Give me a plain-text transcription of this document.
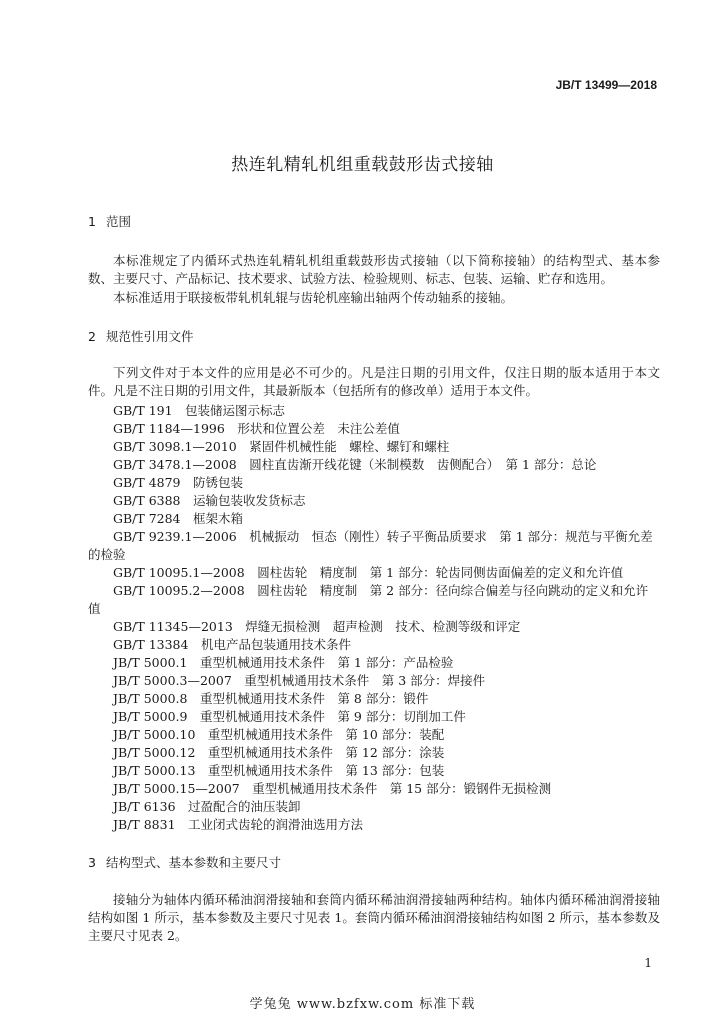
JB/T 13499—2018
热连轧精轧机组重载鼓形齿式接轴
1 范围
本标准规定了内循环式热连轧精轧机组重载鼓形齿式接轴（以下简称接轴）的结构型式、基本参数、主要尺寸、产品标记、技术要求、试验方法、检验规则、标志、包装、运输、贮存和选用。
本标准适用于联接板带轧机轧辊与齿轮机座输出轴两个传动轴系的接轴。
2 规范性引用文件
下列文件对于本文件的应用是必不可少的。凡是注日期的引用文件，仅注日期的版本适用于本文件。凡是不注日期的引用文件，其最新版本（包括所有的修改单）适用于本文件。
GB/T 191　包装储运图示标志
GB/T 1184—1996　形状和位置公差　未注公差值
GB/T 3098.1—2010　紧固件机械性能　螺栓、螺钉和螺柱
GB/T 3478.1—2008　圆柱直齿渐开线花键（米制模数　齿侧配合）　第 1 部分：总论
GB/T 4879　防锈包装
GB/T 6388　运输包装收发货标志
GB/T 7284　框架木箱
GB/T 9239.1—2006　机械振动　恒态（刚性）转子平衡品质要求　第 1 部分：规范与平衡允差的检验
GB/T 10095.1—2008　圆柱齿轮　精度制　第 1 部分：轮齿同侧齿面偏差的定义和允许值
GB/T 10095.2—2008　圆柱齿轮　精度制　第 2 部分：径向综合偏差与径向跳动的定义和允许值
GB/T 11345—2013　焊缝无损检测　超声检测　技术、检测等级和评定
GB/T 13384　机电产品包装通用技术条件
JB/T 5000.1　重型机械通用技术条件　第 1 部分：产品检验
JB/T 5000.3—2007　重型机械通用技术条件　第 3 部分：焊接件
JB/T 5000.8　重型机械通用技术条件　第 8 部分：锻件
JB/T 5000.9　重型机械通用技术条件　第 9 部分：切削加工件
JB/T 5000.10　重型机械通用技术条件　第 10 部分：装配
JB/T 5000.12　重型机械通用技术条件　第 12 部分：涂装
JB/T 5000.13　重型机械通用技术条件　第 13 部分：包装
JB/T 5000.15—2007　重型机械通用技术条件　第 15 部分：锻钢件无损检测
JB/T 6136　过盈配合的油压装卸
JB/T 8831　工业闭式齿轮的润滑油选用方法
3 结构型式、基本参数和主要尺寸
接轴分为轴体内循环稀油润滑接轴和套筒内循环稀油润滑接轴两种结构。轴体内循环稀油润滑接轴结构如图 1 所示，基本参数及主要尺寸见表 1。套筒内循环稀油润滑接轴结构如图 2 所示，基本参数及主要尺寸见表 2。
1
学兔兔 www.bzfxw.com 标准下载
